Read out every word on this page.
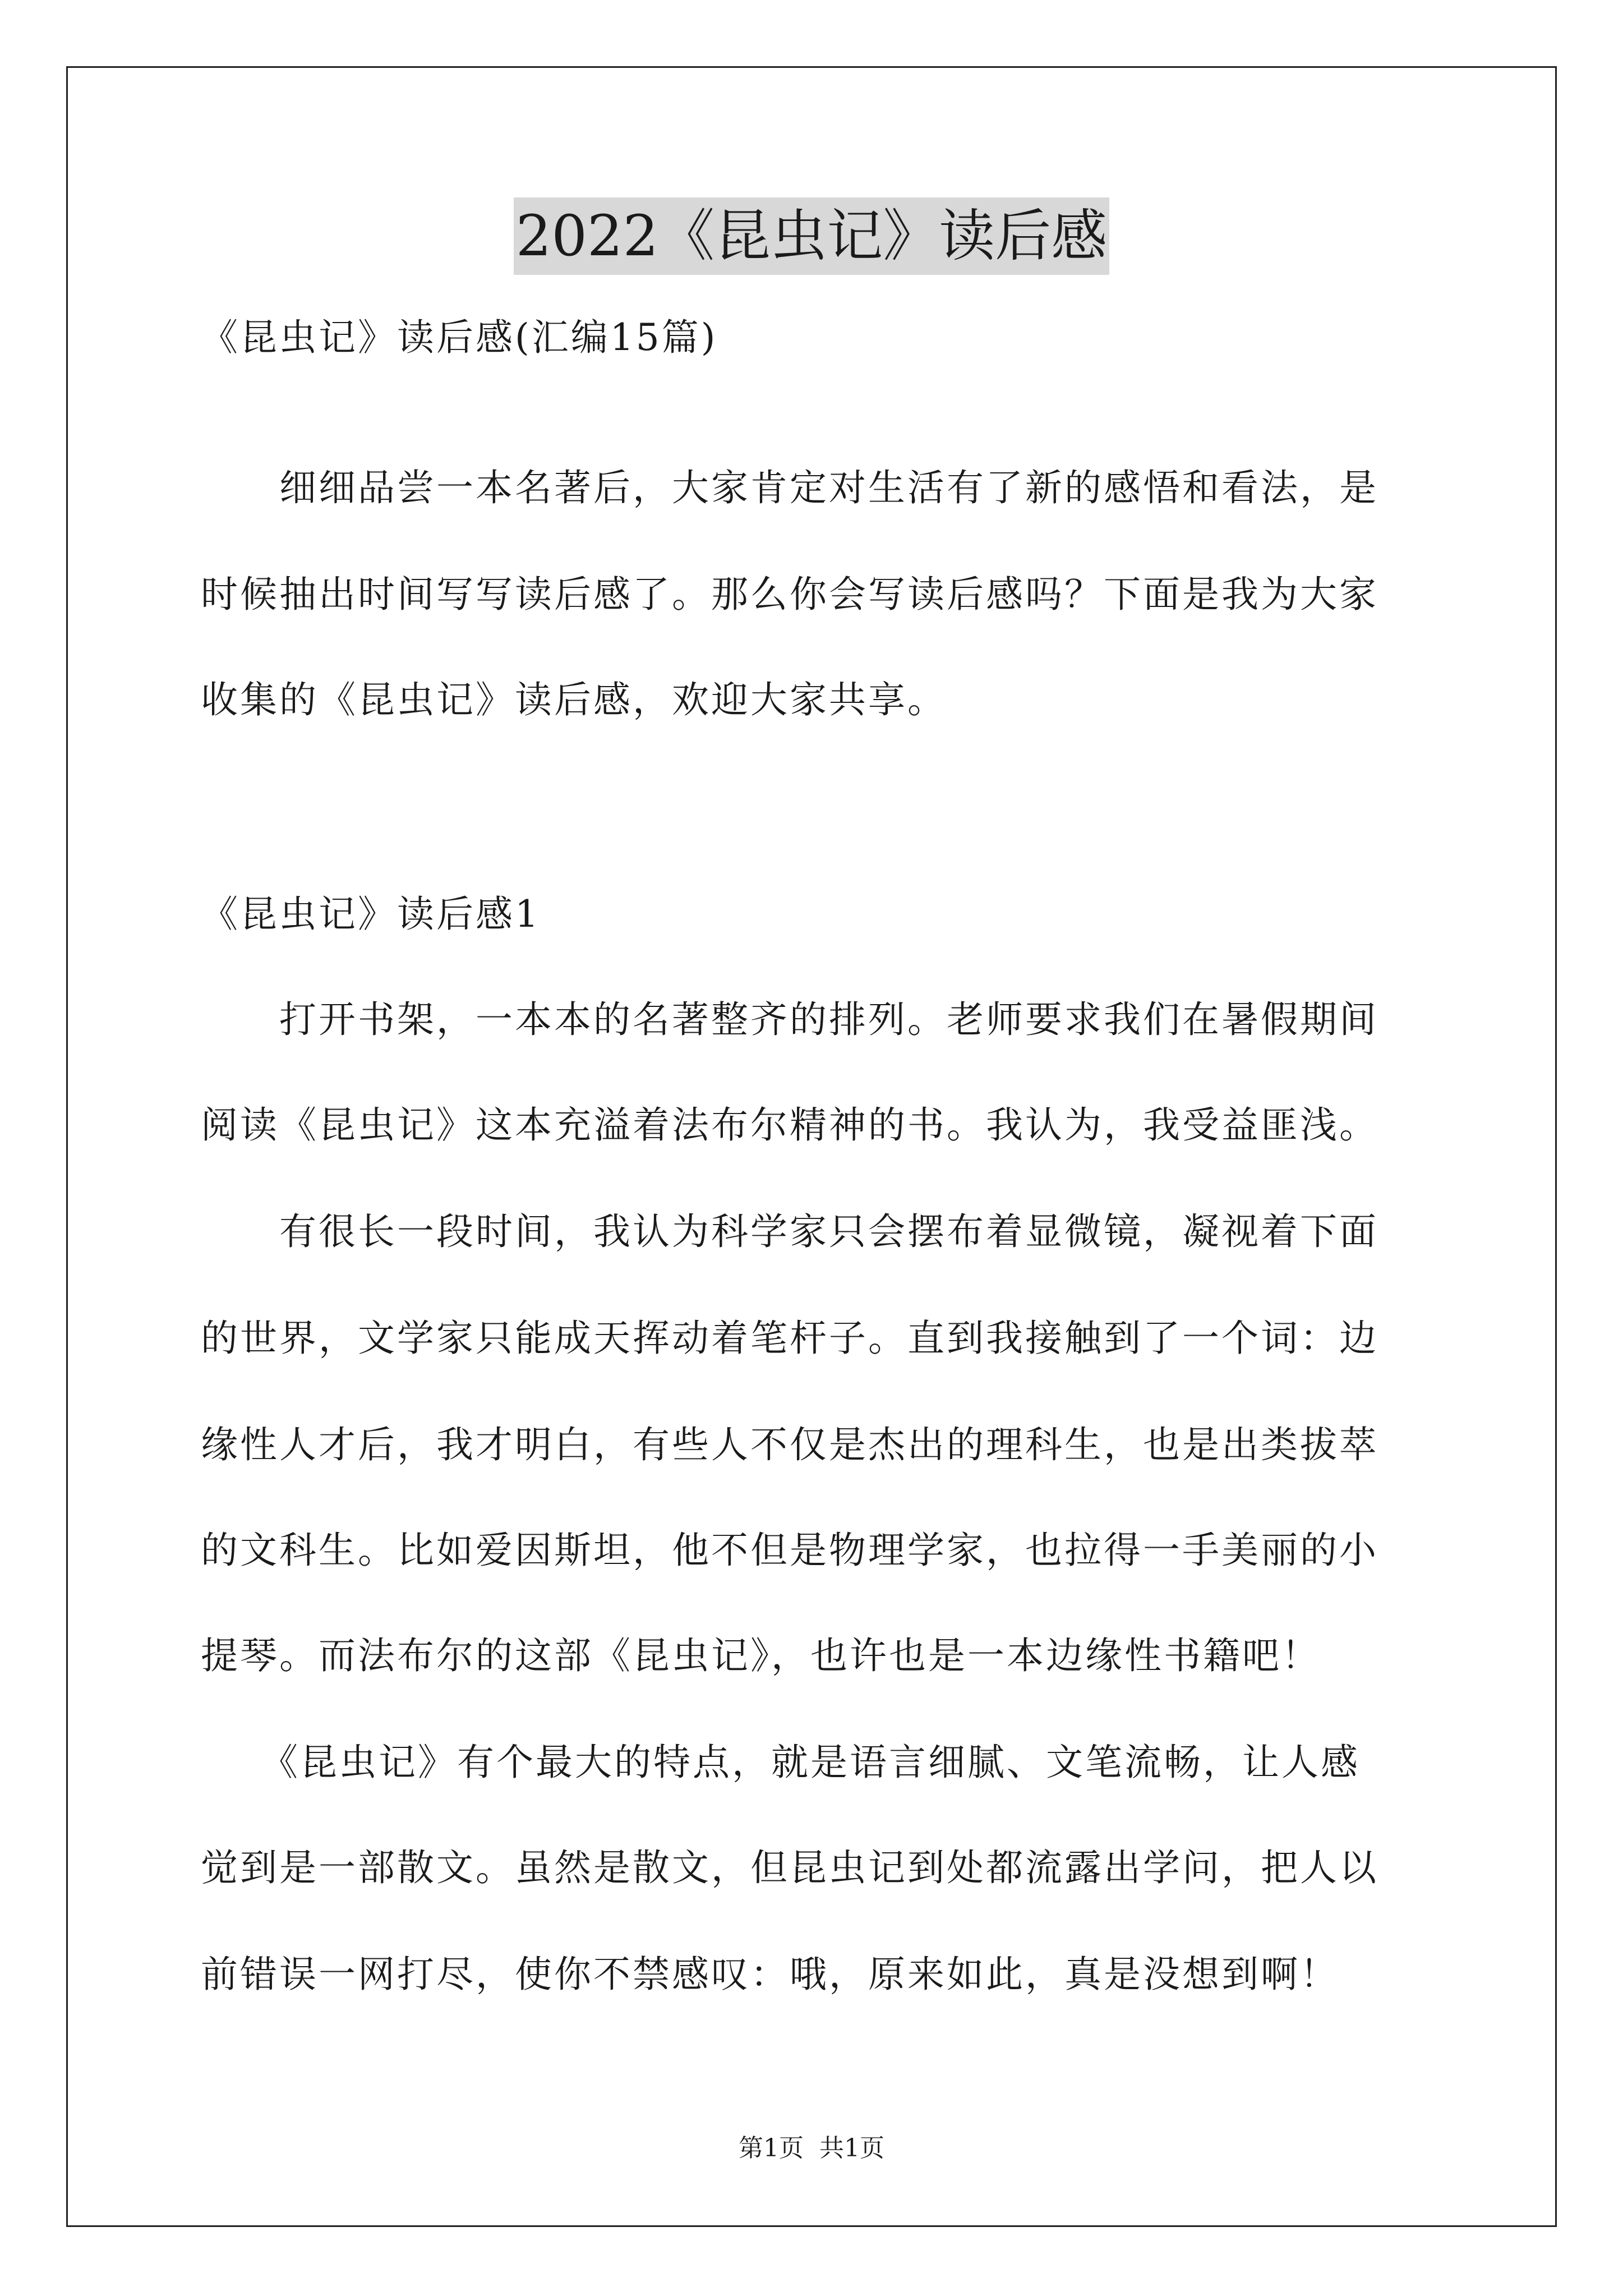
2022《昆虫记》读后感
《昆虫记》读后感(汇编15篇)
　　细细品尝一本名著后，大家肯定对生活有了新的感悟和看法，是
时候抽出时间写写读后感了。那么你会写读后感吗？下面是我为大家
收集的《昆虫记》读后感，欢迎大家共享。
《昆虫记》读后感1
　　打开书架，一本本的名著整齐的排列。老师要求我们在暑假期间
阅读《昆虫记》这本充溢着法布尔精神的书。我认为，我受益匪浅。
　　有很长一段时间，我认为科学家只会摆布着显微镜，凝视着下面
的世界，文学家只能成天挥动着笔杆子。直到我接触到了一个词：边
缘性人才后，我才明白，有些人不仅是杰出的理科生，也是出类拔萃
的文科生。比如爱因斯坦，他不但是物理学家，也拉得一手美丽的小
提琴。而法布尔的这部《昆虫记》，也许也是一本边缘性书籍吧！
　　《昆虫记》有个最大的特点，就是语言细腻、文笔流畅，让人感
觉到是一部散文。虽然是散文，但昆虫记到处都流露出学问，把人以
前错误一网打尽，使你不禁感叹：哦，原来如此，真是没想到啊！
第1页 共1页
